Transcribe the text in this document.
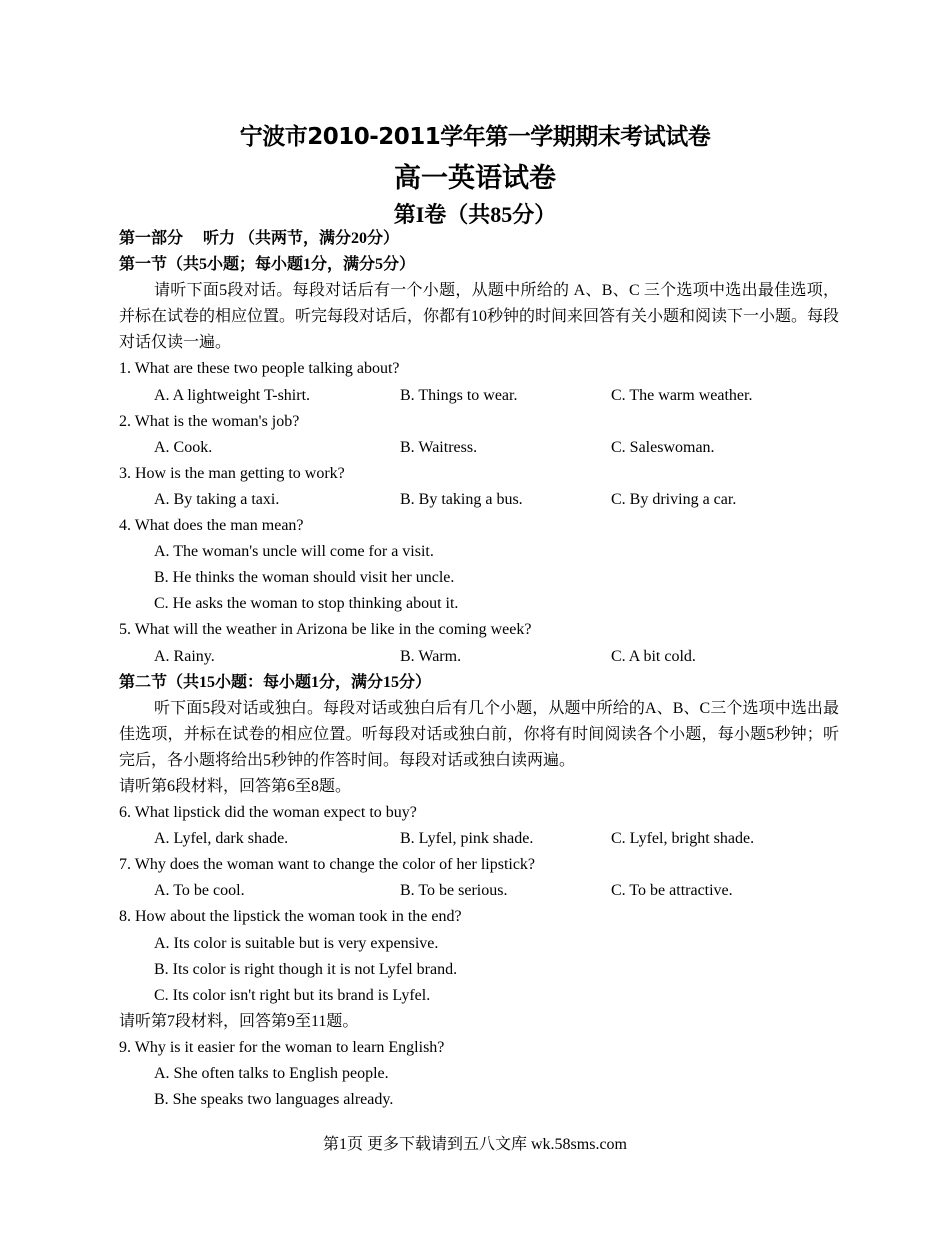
宁波市2010-2011学年第一学期期末考试试卷
高一英语试卷
第I卷（共85分）
第一部分　 听力 （共两节，满分20分）
第一节（共5小题；每小题1分，满分5分）
请听下面5段对话。每段对话后有一个小题，从题中所给的 A、B、C 三个选项中选出最佳选项，并标在试卷的相应位置。听完每段对话后，你都有10秒钟的时间来回答有关小题和阅读下一小题。每段对话仅读一遍。
1. What are these two people talking about?
A. A lightweight T-shirt.	B. Things to wear.	C. The warm weather.
2. What is the woman's job?
A. Cook.	B. Waitress.	C. Saleswoman.
3. How is the man getting to work?
A. By taking a taxi.	B. By taking a bus.	C. By driving a car.
4. What does the man mean?
A. The woman's uncle will come for a visit.
B. He thinks the woman should visit her uncle.
C. He asks the woman to stop thinking about it.
5. What will the weather in Arizona be like in the coming week?
A. Rainy.	B. Warm.	C. A bit cold.
第二节（共15小题：每小题1分，满分15分）
听下面5段对话或独白。每段对话或独白后有几个小题，从题中所给的A、B、C三个选项中选出最佳选项，并标在试卷的相应位置。听每段对话或独白前，你将有时间阅读各个小题，每小题5秒钟；听完后，各小题将给出5秒钟的作答时间。每段对话或独白读两遍。
请听第6段材料，回答第6至8题。
6. What lipstick did the woman expect to buy?
A. Lyfel, dark shade.	B. Lyfel, pink shade.	C. Lyfel, bright shade.
7. Why does the woman want to change the color of her lipstick?
A. To be cool.	B. To be serious.	C. To be attractive.
8. How about the lipstick the woman took in the end?
A. Its color is suitable but is very expensive.
B. Its color is right though it is not Lyfel brand.
C. Its color isn't right but its brand is Lyfel.
请听第7段材料，回答第9至11题。
9. Why is it easier for the woman to learn English?
A. She often talks to English people.
B. She speaks two languages already.
第1页 更多下载请到五八文库 wk.58sms.com
